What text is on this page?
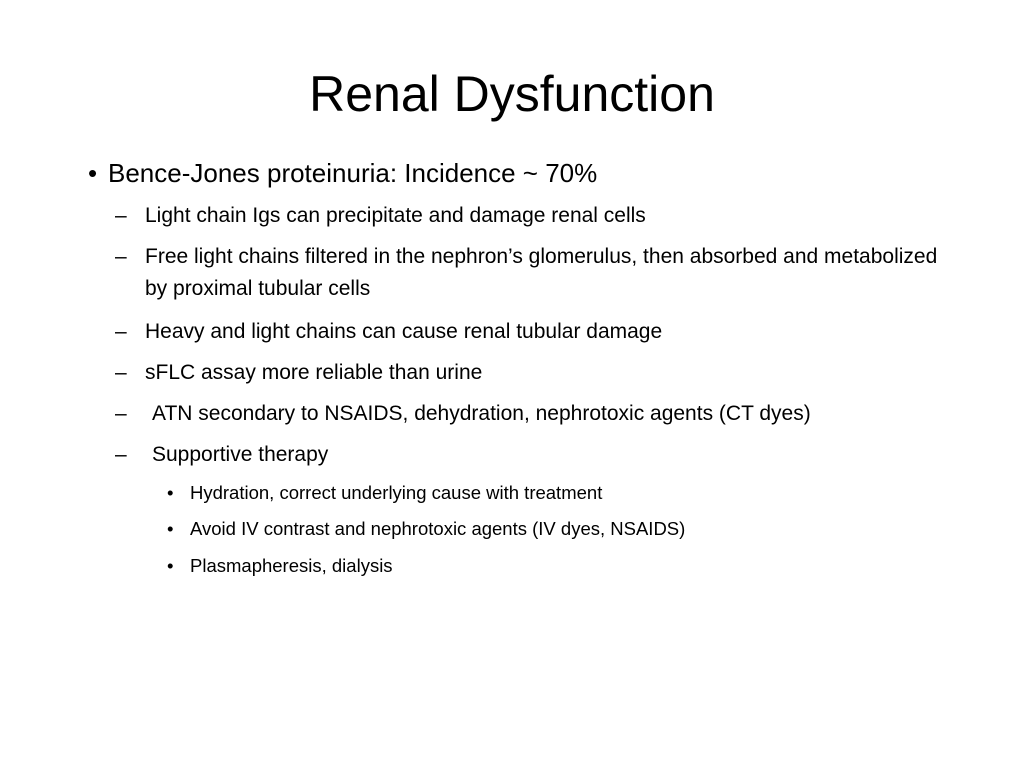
Renal Dysfunction
• Bence-Jones proteinuria: Incidence ~ 70%
– Light chain Igs can precipitate and damage renal cells
– Free light chains filtered in the nephron’s glomerulus, then absorbed and metabolized by proximal tubular cells
– Heavy and light chains can cause renal tubular damage
– sFLC assay more reliable than urine
– ATN secondary to NSAIDS, dehydration, nephrotoxic agents (CT dyes)
– Supportive therapy
• Hydration, correct underlying cause with treatment
• Avoid IV contrast and nephrotoxic agents (IV dyes, NSAIDS)
• Plasmapheresis, dialysis
